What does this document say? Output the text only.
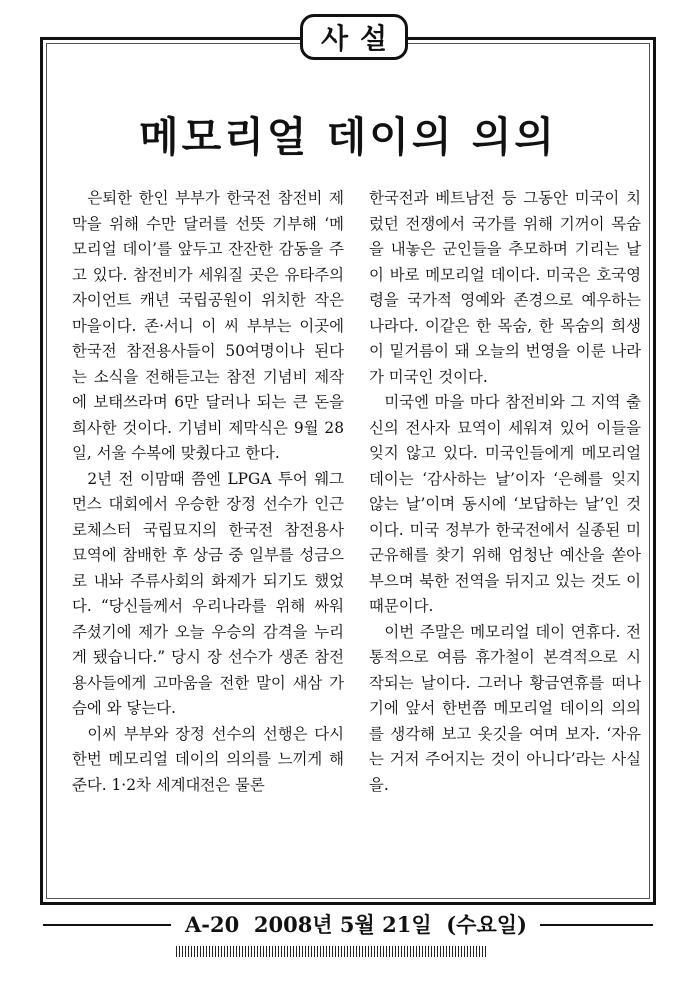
사설
메모리얼 데이의 의의

은퇴한 한인 부부가 한국전 참전비 제막을 위해 수만 달러를 선뜻 기부해 ‘메모리얼 데이’를 앞두고 잔잔한 감동을 주고 있다. 참전비가 세워질 곳은 유타주의 자이언트 캐년 국립공원이 위치한 작은 마을이다. 존·서니 이 씨 부부는 이곳에 한국전 참전용사들이 50여명이나 된다는 소식을 전해듣고는 참전 기념비 제작에 보태쓰라며 6만 달러나 되는 큰 돈을 희사한 것이다. 기념비 제막식은 9월 28일, 서울 수복에 맞췄다고 한다.

2년 전 이맘때 쯤엔 LPGA 투어 웨그먼스 대회에서 우승한 장정 선수가 인근 로체스터 국립묘지의 한국전 참전용사 묘역에 참배한 후 상금 중 일부를 성금으로 내놔 주류사회의 화제가 되기도 했었다. “당신들께서 우리나라를 위해 싸워 주셨기에 제가 오늘 우승의 감격을 누리게 됐습니다.” 당시 장 선수가 생존 참전용사들에게 고마움을 전한 말이 새삼 가슴에 와 닿는다.

이씨 부부와 장정 선수의 선행은 다시 한번 메모리얼 데이의 의의를 느끼게 해 준다. 1·2차 세계대전은 물론

한국전과 베트남전 등 그동안 미국이 치렀던 전쟁에서 국가를 위해 기꺼이 목숨을 내놓은 군인들을 추모하며 기리는 날이 바로 메모리얼 데이다. 미국은 호국영령을 국가적 영예와 존경으로 예우하는 나라다. 이같은 한 목숨, 한 목숨의 희생이 밑거름이 돼 오늘의 번영을 이룬 나라가 미국인 것이다.

미국엔 마을 마다 참전비와 그 지역 출신의 전사자 묘역이 세워져 있어 이들을 잊지 않고 있다. 미국인들에게 메모리얼 데이는 ‘감사하는 날’이자 ‘은혜를 잊지 않는 날’이며 동시에 ‘보답하는 날’인 것이다. 미국 정부가 한국전에서 실종된 미군유해를 찾기 위해 엄청난 예산을 쏟아 부으며 북한 전역을 뒤지고 있는 것도 이 때문이다.

이번 주말은 메모리얼 데이 연휴다. 전통적으로 여름 휴가철이 본격적으로 시작되는 날이다. 그러나 황금연휴를 떠나기에 앞서 한번쯤 메모리얼 데이의 의의를 생각해 보고 옷깃을 여며 보자. ‘자유는 거저 주어지는 것이 아니다’라는 사실을.

A-20 2008년 5월 21일 (수요일)
